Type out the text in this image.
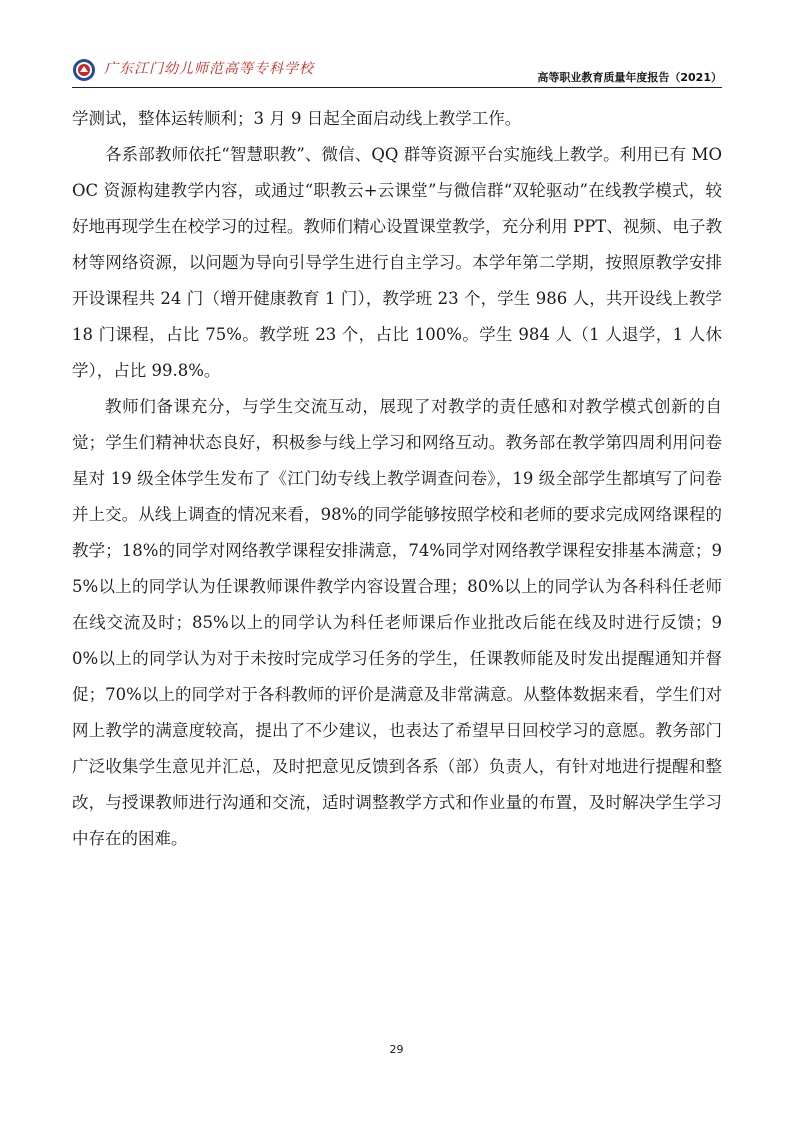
广东江门幼儿师范高等专科学校
高等职业教育质量年度报告（2021）

学测试，整体运转顺利；3 月 9 日起全面启动线上教学工作。

各系部教师依托“智慧职教”、微信、QQ 群等资源平台实施线上教学。利用已有 MOOC 资源构建教学内容，或通过“职教云+云课堂”与微信群“双轮驱动”在线教学模式，较好地再现学生在校学习的过程。教师们精心设置课堂教学，充分利用 PPT、视频、电子教材等网络资源，以问题为导向引导学生进行自主学习。本学年第二学期，按照原教学安排开设课程共 24 门（增开健康教育 1 门），教学班 23 个，学生 986 人，共开设线上教学 18 门课程，占比 75%。教学班 23 个，占比 100%。学生 984 人（1 人退学，1 人休学），占比 99.8%。

教师们备课充分，与学生交流互动，展现了对教学的责任感和对教学模式创新的自觉；学生们精神状态良好，积极参与线上学习和网络互动。教务部在教学第四周利用问卷星对 19 级全体学生发布了《江门幼专线上教学调查问卷》，19 级全部学生都填写了问卷并上交。从线上调查的情况来看，98%的同学能够按照学校和老师的要求完成网络课程的教学；18%的同学对网络教学课程安排满意，74%同学对网络教学课程安排基本满意；95%以上的同学认为任课教师课件教学内容设置合理；80%以上的同学认为各科科任老师在线交流及时；85%以上的同学认为科任老师课后作业批改后能在线及时进行反馈；90%以上的同学认为对于未按时完成学习任务的学生，任课教师能及时发出提醒通知并督促；70%以上的同学对于各科教师的评价是满意及非常满意。从整体数据来看，学生们对网上教学的满意度较高，提出了不少建议，也表达了希望早日回校学习的意愿。教务部门广泛收集学生意见并汇总，及时把意见反馈到各系（部）负责人，有针对地进行提醒和整改，与授课教师进行沟通和交流，适时调整教学方式和作业量的布置，及时解决学生学习中存在的困难。

29
